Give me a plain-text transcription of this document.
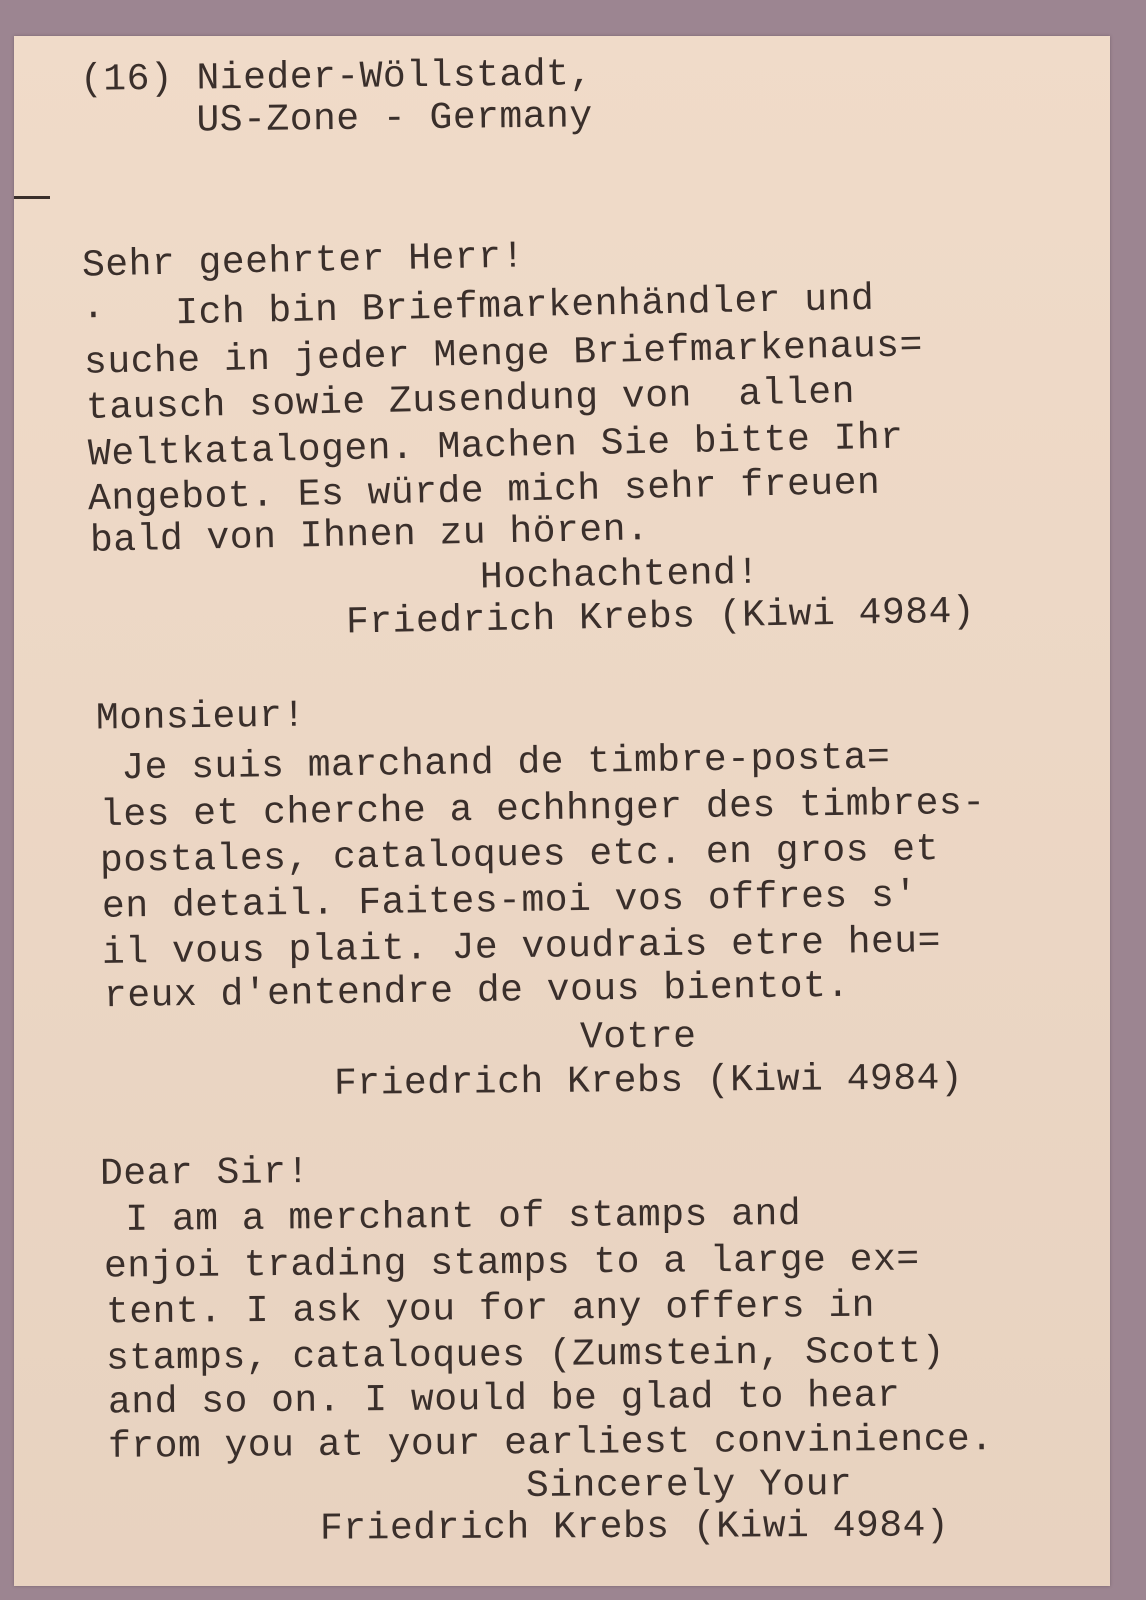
(16) Nieder-Wöllstadt,
US-Zone - Germany
Sehr geehrter Herr!
·   Ich bin Briefmarkenhändler und
suche in jeder Menge Briefmarkenaus=
tausch sowie Zusendung von  allen
Weltkatalogen. Machen Sie bitte Ihr
Angebot. Es würde mich sehr freuen
bald von Ihnen zu hören.
Hochachtend!
Friedrich Krebs (Kiwi 4984)
Monsieur!
Je suis marchand de timbre-posta=
les et cherche a echhnger des timbres-
postales, cataloques etc. en gros et
en detail. Faites-moi vos offres s'
il vous plait. Je voudrais etre heu=
reux d'entendre de vous bientot.
Votre
Friedrich Krebs (Kiwi 4984)
Dear Sir!
I am a merchant of stamps and
enjoi trading stamps to a large ex=
tent. I ask you for any offers in
stamps, cataloques (Zumstein, Scott)
and so on. I would be glad to hear
from you at your earliest convinience.
Sincerely Your
Friedrich Krebs (Kiwi 4984)
